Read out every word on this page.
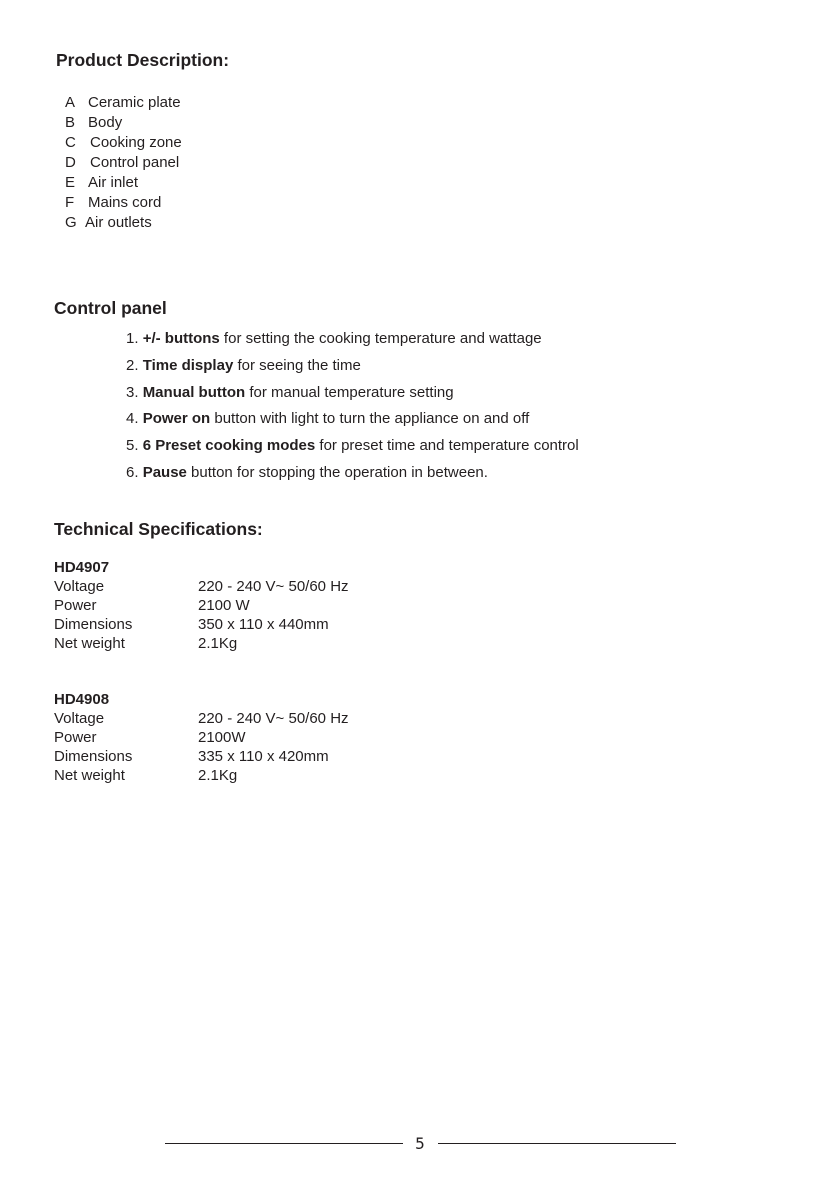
Product Description:
A Ceramic plate
B Body
C Cooking zone
D Control panel
E Air inlet
F Mains cord
G Air outlets
Control panel
1. +/- buttons for setting the cooking temperature and wattage
2. Time display for seeing the time
3. Manual button for manual temperature setting
4. Power on button with light to turn the appliance on and off
5. 6 Preset cooking modes for preset time and temperature control
6. Pause button for stopping the operation in between.
Technical Specifications:
HD4907
Voltage	220 - 240 V~ 50/60 Hz
Power	2100 W
Dimensions	350 x 110 x 440mm
Net weight	2.1Kg
HD4908
Voltage	220 - 240 V~ 50/60 Hz
Power	2100W
Dimensions	335 x 110 x 420mm
Net weight	2.1Kg
5
